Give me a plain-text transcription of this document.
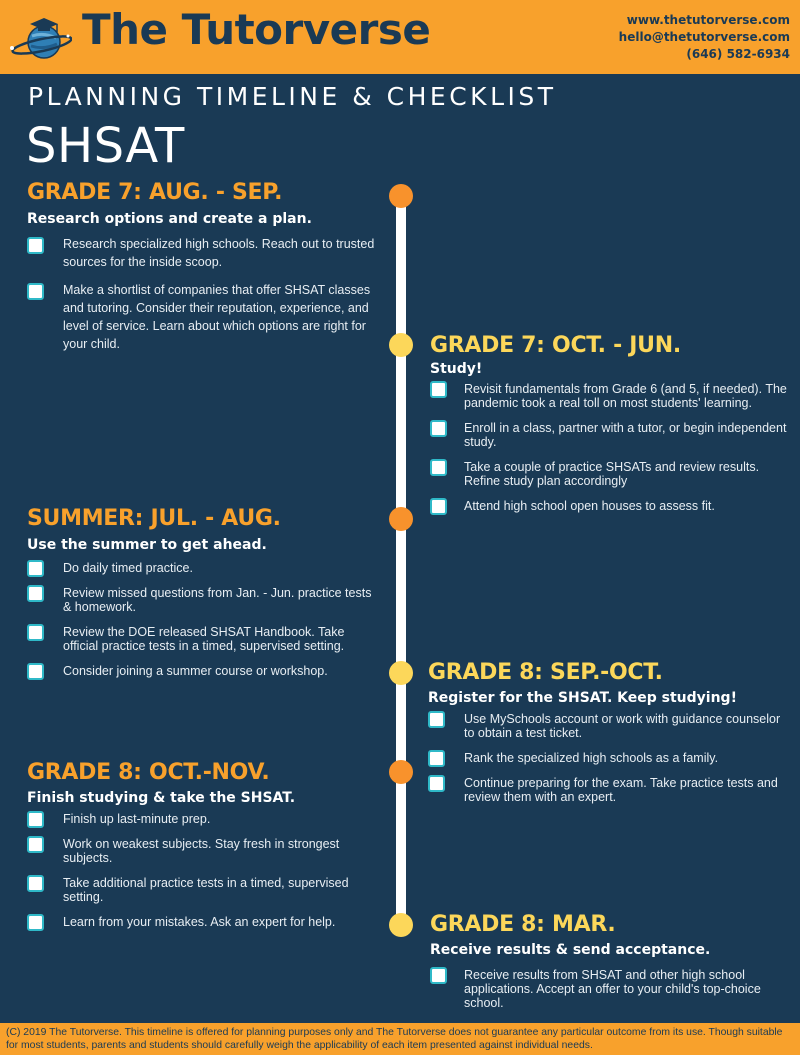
The Tutorverse	www.thetutorverse.com
hello@thetutorverse.com
(646) 582-6934
PLANNING TIMELINE & CHECKLIST
SHSAT
GRADE 7: AUG. - SEP.
Research options and create a plan.
Research specialized high schools. Reach out to trusted sources for the inside scoop.
Make a shortlist of companies that offer SHSAT classes and tutoring. Consider their reputation, experience, and level of service. Learn about which options are right for your child.	GRADE 7: OCT. - JUN.
Study!
Revisit fundamentals from Grade 6 (and 5, if needed). The pandemic took a real toll on most students' learning.
Enroll in a class, partner with a tutor, or begin independent study.
Take a couple of practice SHSATs and review results. Refine study plan accordingly
Attend high school open houses to assess fit.
SUMMER: JUL. - AUG.
Use the summer to get ahead.
Do daily timed practice.
Review missed questions from Jan. - Jun. practice tests & homework.
Review the DOE released SHSAT Handbook. Take official practice tests in a timed, supervised setting.
Consider joining a summer course or workshop.	GRADE 8: SEP.-OCT.
Register for the SHSAT. Keep studying!
Use MySchools account or work with guidance counselor to obtain a test ticket.
Rank the specialized high schools as a family.
Continue preparing for the exam. Take practice tests and review them with an expert.
GRADE 8: OCT.-NOV.
Finish studying & take the SHSAT.
Finish up last-minute prep.
Work on weakest subjects. Stay fresh in strongest subjects.
Take additional practice tests in a timed, supervised setting.
Learn from your mistakes. Ask an expert for help.	GRADE 8: MAR.
Receive results & send acceptance.
Receive results from SHSAT and other high school applications. Accept an offer to your child's top-choice school.
(C) 2019 The Tutorverse. This timeline is offered for planning purposes only and The Tutorverse does not guarantee any particular outcome from its use. Though suitable for most students, parents and students should carefully weigh the applicability of each item presented against individual needs.
